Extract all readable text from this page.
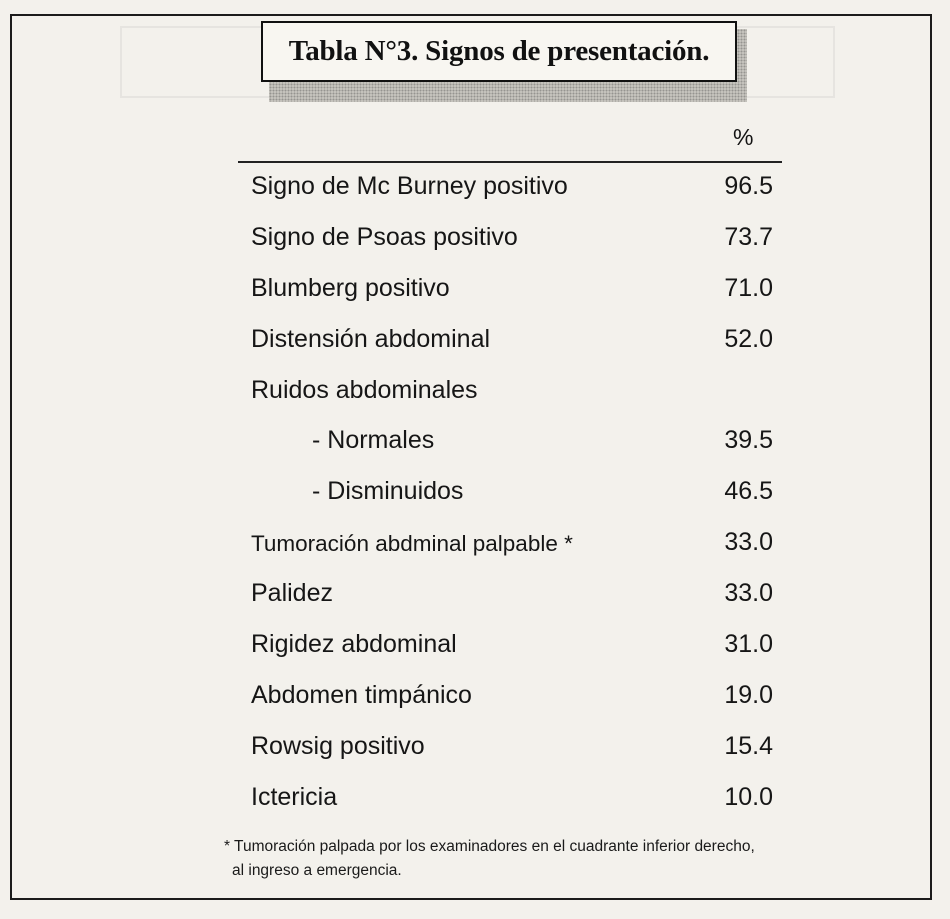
Tabla N°3. Signos de presentación.
%
Signo de Mc Burney positivo	96.5
Signo de Psoas positivo	73.7
Blumberg positivo	71.0
Distensión abdominal	52.0
Ruidos abdominales
- Normales	39.5
- Disminuidos	46.5
Tumoración abdminal palpable *	33.0
Palidez	33.0
Rigidez abdominal	31.0
Abdomen timpánico	19.0
Rowsig positivo	15.4
Ictericia	10.0
* Tumoración palpada por los examinadores en el cuadrante inferior derecho,
al ingreso a emergencia.
